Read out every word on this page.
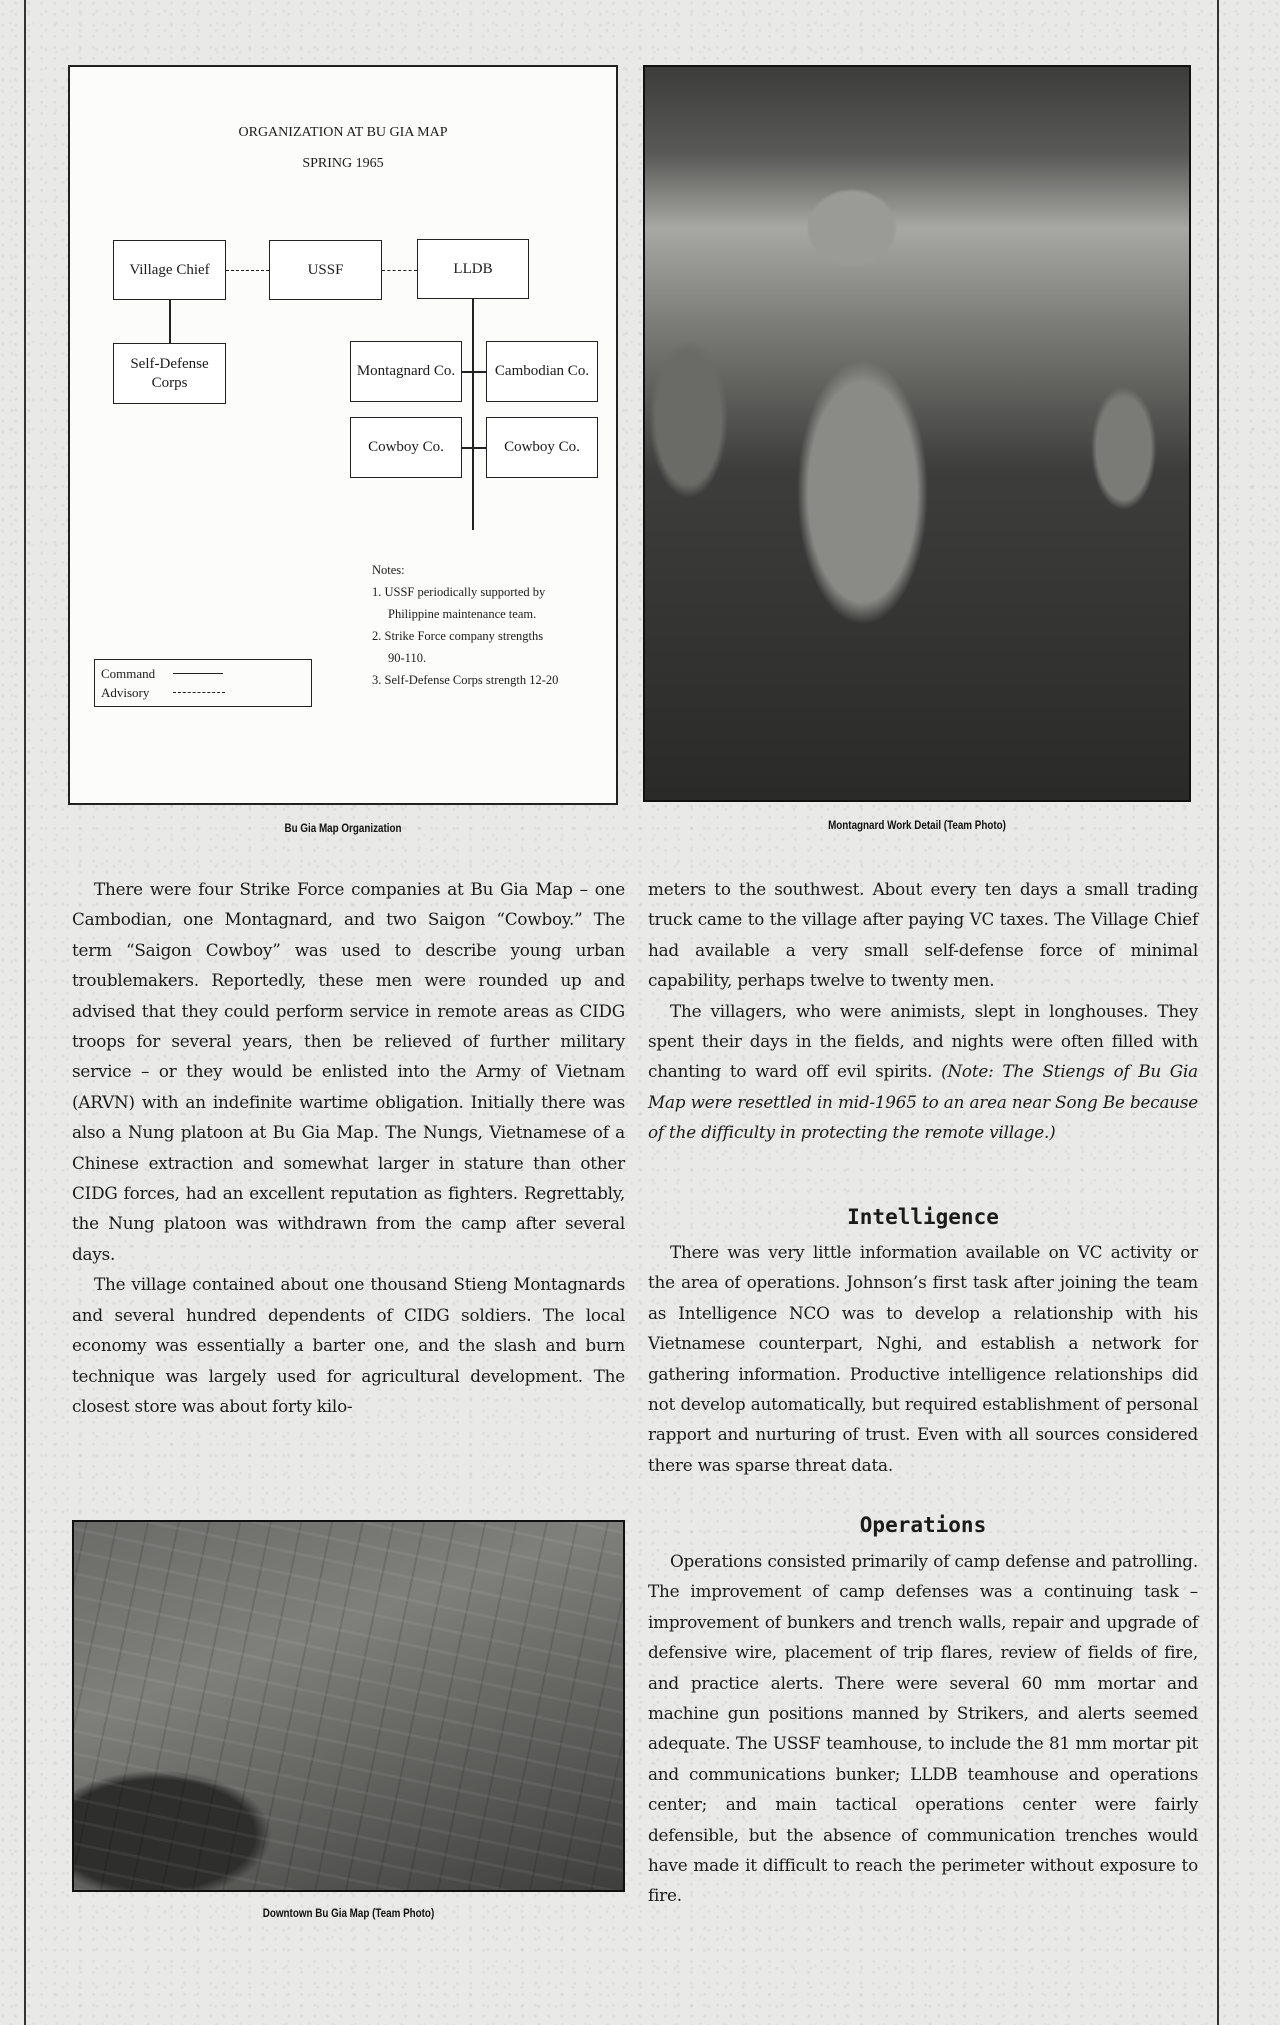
ORGANIZATION AT BU GIA MAP
SPRING 1965
Village Chief	USSF	LLDB
Self-Defense
Corps
Montagnard Co.	Cambodian Co.
Cowboy Co.	Cowboy Co.
Notes:
1. USSF periodically supported by
Philippine maintenance team.
2. Strike Force company strengths
90-110.
3. Self-Defense Corps strength 12-20
Command
Advisory
Bu Gia Map Organization	Montagnard Work Detail (Team Photo)

There were four Strike Force companies at Bu Gia Map – one Cambodian, one Montagnard, and two Saigon “Cowboy.” The term “Saigon Cowboy” was used to describe young urban troublemakers. Reportedly, these men were rounded up and advised that they could perform service in remote areas as CIDG troops for several years, then be relieved of further military service – or they would be enlisted into the Army of Vietnam (ARVN) with an indefinite wartime obligation. Initially there was also a Nung platoon at Bu Gia Map. The Nungs, Vietnamese of a Chinese extraction and somewhat larger in stature than other CIDG forces, had an excellent reputation as fighters. Regrettably, the Nung platoon was withdrawn from the camp after several days.

The village contained about one thousand Stieng Montagnards and several hundred dependents of CIDG soldiers. The local economy was essentially a barter one, and the slash and burn technique was largely used for agricultural development. The closest store was about forty kilo-

meters to the southwest. About every ten days a small trading truck came to the village after paying VC taxes. The Village Chief had available a very small self-defense force of minimal capability, perhaps twelve to twenty men.

The villagers, who were animists, slept in longhouses. They spent their days in the fields, and nights were often filled with chanting to ward off evil spirits. (Note: The Stiengs of Bu Gia Map were resettled in mid-1965 to an area near Song Be because of the difficulty in protecting the remote village.)

Intelligence

There was very little information available on VC activity or the area of operations. Johnson’s first task after joining the team as Intelligence NCO was to develop a relationship with his Vietnamese counterpart, Nghi, and establish a network for gathering information. Productive intelligence relationships did not develop automatically, but required establishment of personal rapport and nurturing of trust. Even with all sources considered there was sparse threat data.

Operations

Operations consisted primarily of camp defense and patrolling. The improvement of camp defenses was a continuing task – improvement of bunkers and trench walls, repair and upgrade of defensive wire, placement of trip flares, review of fields of fire, and practice alerts. There were several 60 mm mortar and machine gun positions manned by Strikers, and alerts seemed adequate. The USSF teamhouse, to include the 81 mm mortar pit and communications bunker; LLDB teamhouse and operations center; and main tactical operations center were fairly defensible, but the absence of communication trenches would have made it difficult to reach the perimeter without exposure to fire.

Downtown Bu Gia Map (Team Photo)
